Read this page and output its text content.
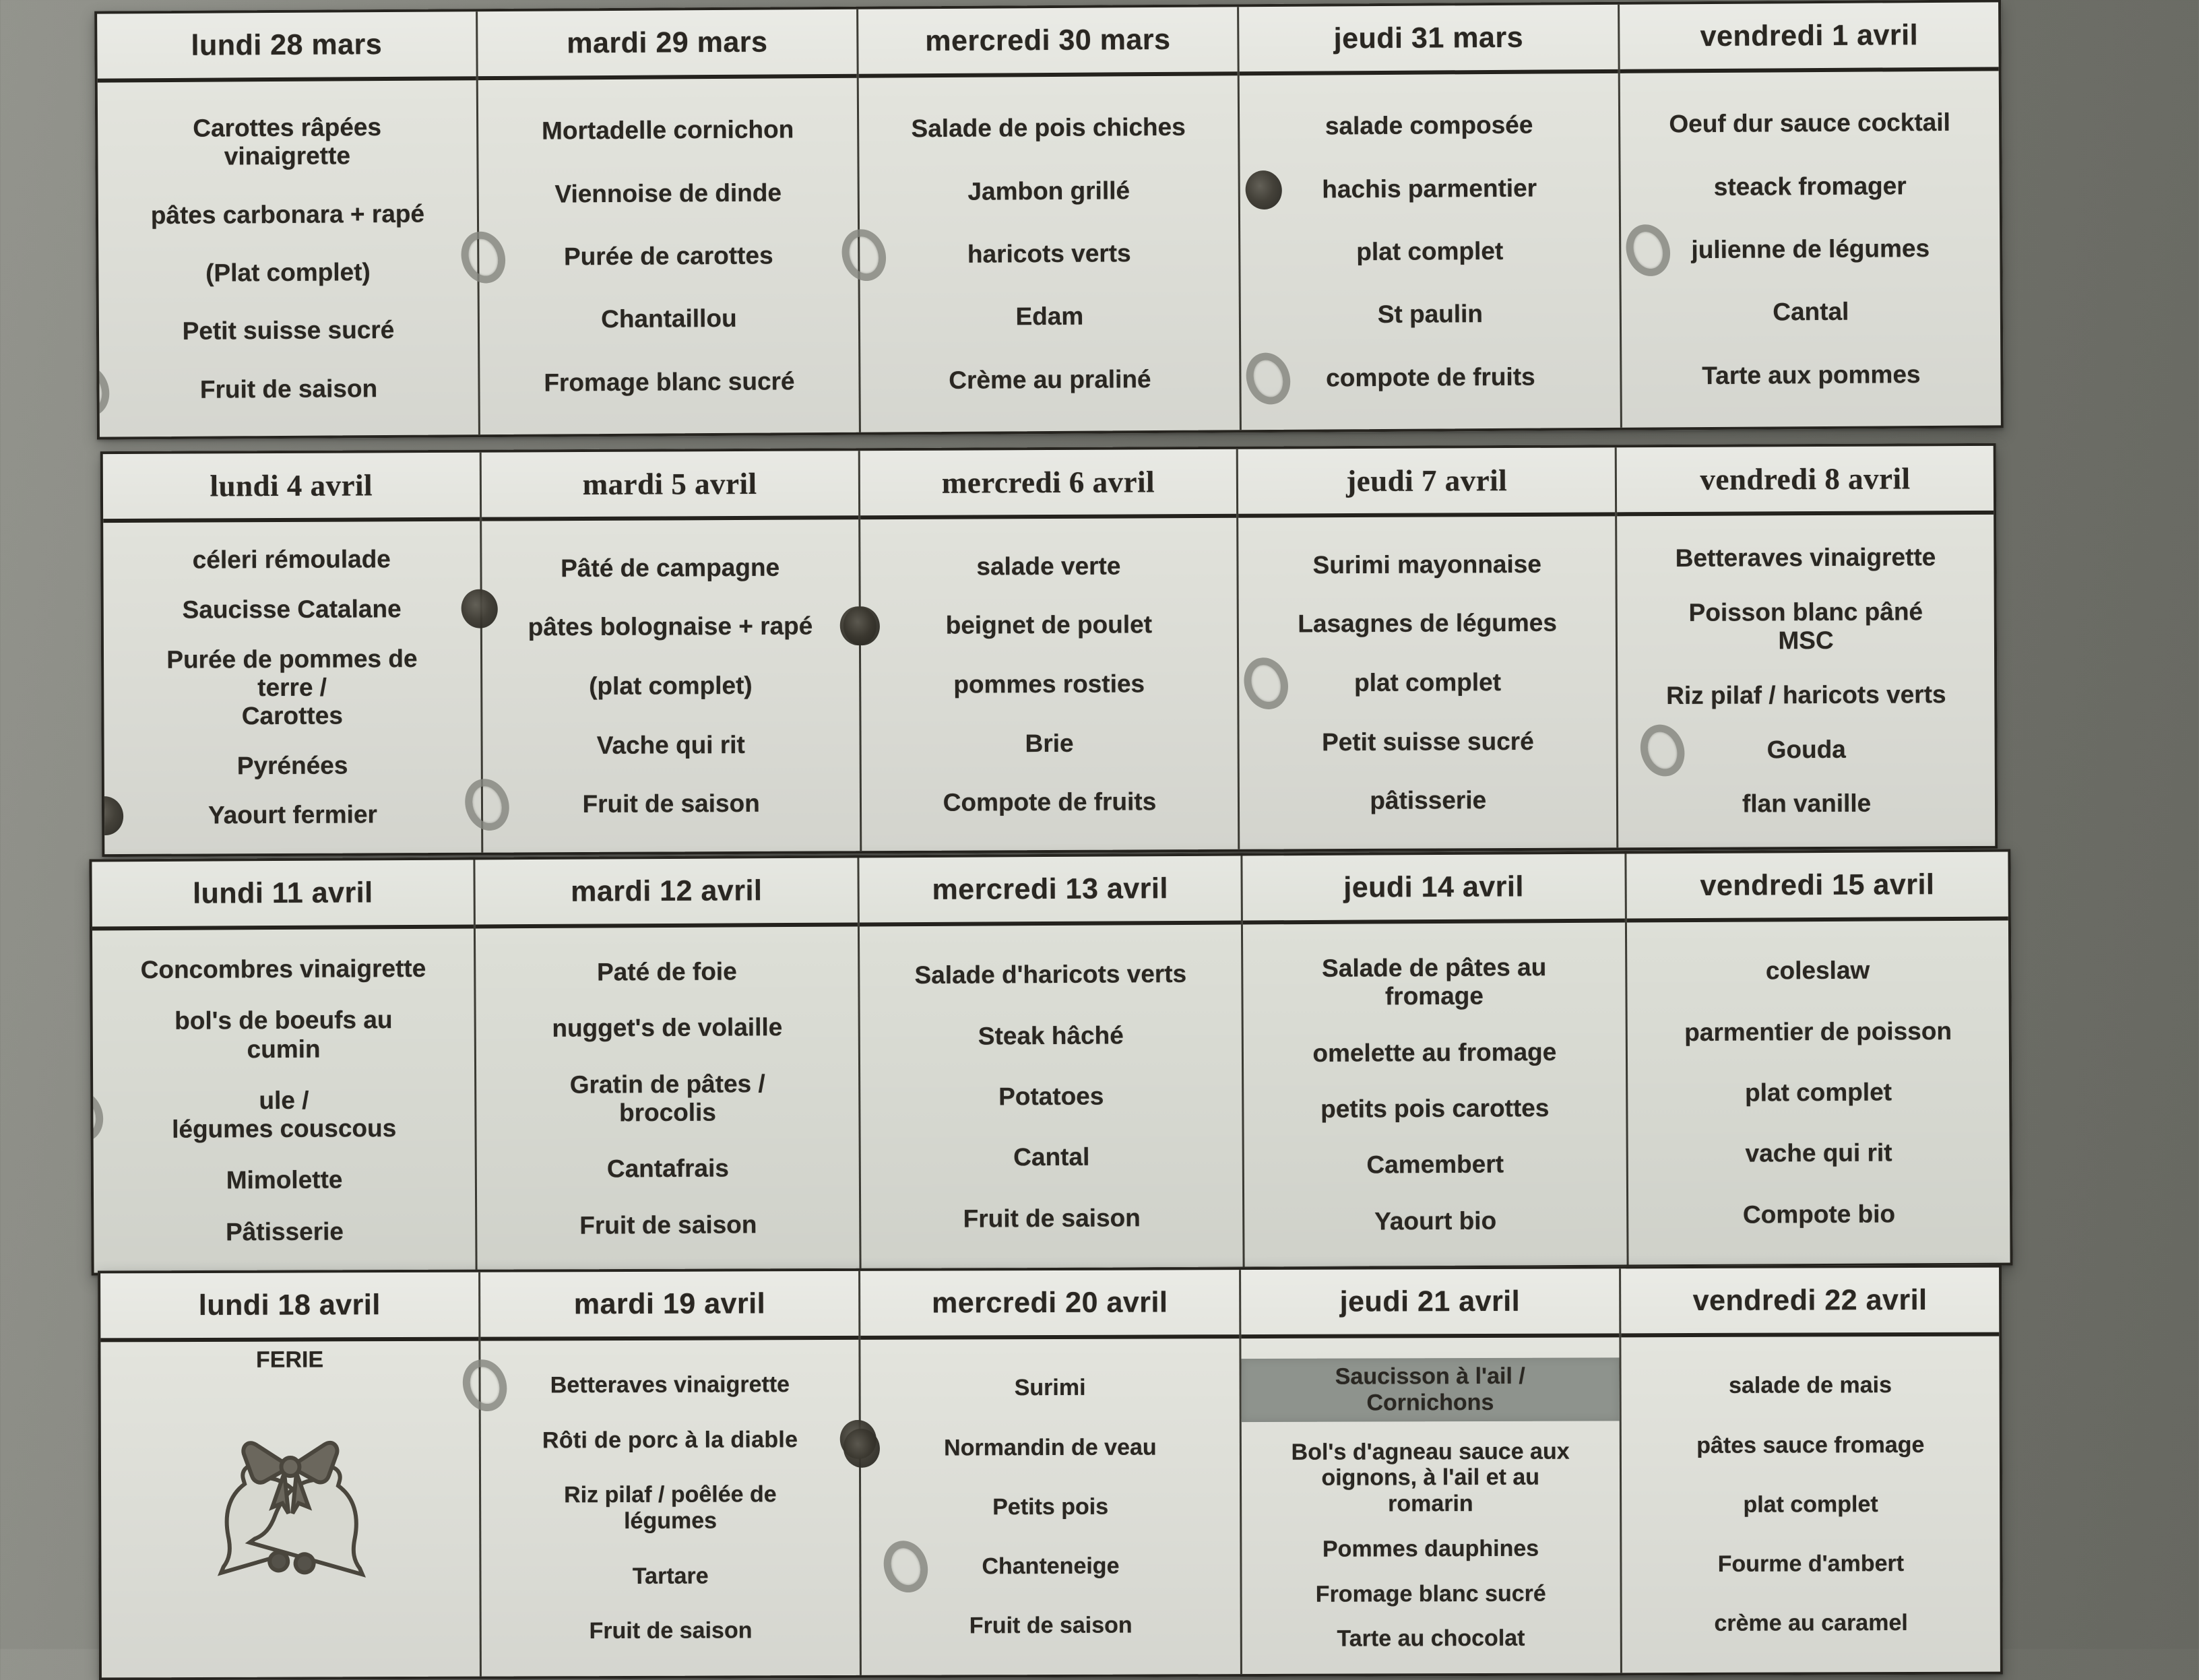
lundi 28 mars
Carottes râpées vinaigrette
pâtes carbonara + rapé
(Plat complet)
Petit suisse sucré
Fruit de saison
mardi 29 mars
Mortadelle cornichon
Viennoise de dinde
Purée de carottes
Chantaillou
Fromage blanc sucré
mercredi 30 mars
Salade de pois chiches
Jambon grillé
haricots verts
Edam
Crème au praliné
jeudi 31 mars
salade composée
hachis parmentier
plat complet
St paulin
compote de fruits
vendredi 1 avril
Oeuf dur sauce cocktail
steack fromager
julienne de légumes
Cantal
Tarte aux pommes
lundi 4 avril
céleri rémoulade
Saucisse Catalane
Purée de pommes de terre /
Carottes
Pyrénées
Yaourt fermier
mardi 5 avril
Pâté de campagne
pâtes bolognaise + rapé
(plat complet)
Vache qui rit
Fruit de saison
mercredi 6 avril
salade verte
beignet de poulet
pommes rosties
Brie
Compote de fruits
jeudi 7 avril
Surimi mayonnaise
Lasagnes de légumes
plat complet
Petit suisse sucré
pâtisserie
vendredi 8 avril
Betteraves vinaigrette
Poisson blanc pâné MSC
Riz pilaf / haricots verts
Gouda
flan vanille
lundi 11 avril
Concombres vinaigrette
bol's de boeufs au cumin
ule /
légumes couscous
Mimolette
Pâtisserie
mardi 12 avril
Paté de foie
nugget's de volaille
Gratin de pâtes / brocolis
Cantafrais
Fruit de saison
mercredi 13 avril
Salade d'haricots verts
Steak hâché
Potatoes
Cantal
Fruit de saison
jeudi 14 avril
Salade de pâtes au fromage
omelette au fromage
petits pois carottes
Camembert
Yaourt bio
vendredi 15 avril
coleslaw
parmentier de poisson
plat complet
vache qui rit
Compote bio
lundi 18 avril
FERIE
mardi 19 avril
Betteraves vinaigrette
Rôti de porc à la diable
Riz pilaf / poêlée de
légumes
Tartare
Fruit de saison
mercredi 20 avril
Surimi
Normandin de veau
Petits pois
Chanteneige
Fruit de saison
jeudi 21 avril
Saucisson à l'ail /
Cornichons
Bol's d'agneau sauce aux
oignons, à l'ail et au romarin
Pommes dauphines
Fromage blanc sucré
Tarte au chocolat
vendredi 22 avril
salade de mais
pâtes sauce fromage
plat complet
Fourme d'ambert
crème au caramel
